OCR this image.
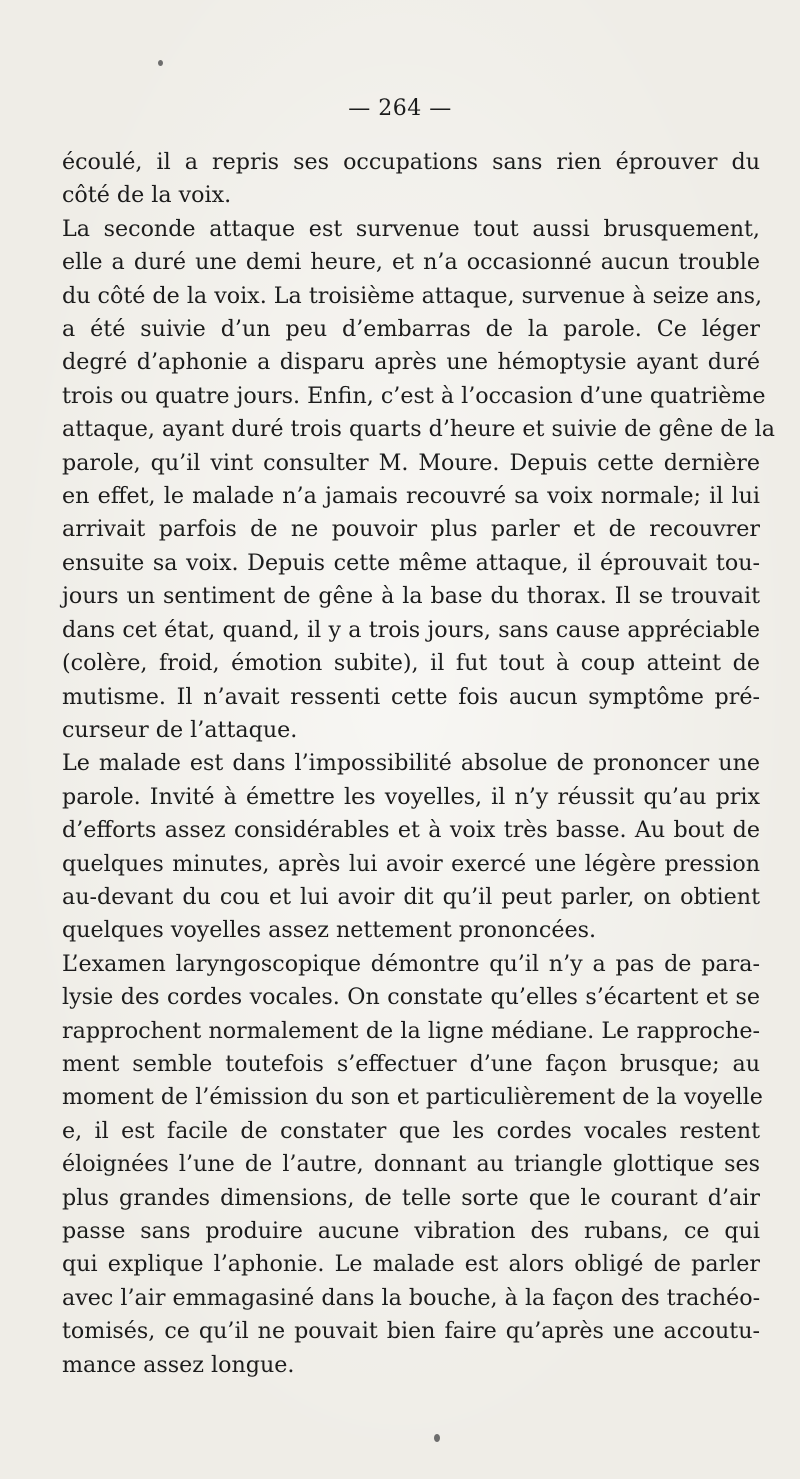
— 264 —

écoulé, il a repris ses occupations sans rien éprouver du
côté de la voix.

La seconde attaque est survenue tout aussi brusquement,
elle a duré une demi heure, et n’a occasionné aucun trouble
du côté de la voix. La troisième attaque, survenue à seize ans,
a été suivie d’un peu d’embarras de la parole. Ce léger
degré d’aphonie a disparu après une hémoptysie ayant duré
trois ou quatre jours. Enfin, c’est à l’occasion d’une quatrième
attaque, ayant duré trois quarts d’heure et suivie de gêne de la
parole, qu’il vint consulter M. Moure. Depuis cette dernière
en effet, le malade n’a jamais recouvré sa voix normale; il lui
arrivait parfois de ne pouvoir plus parler et de recouvrer
ensuite sa voix. Depuis cette même attaque, il éprouvait tou-
jours un sentiment de gêne à la base du thorax. Il se trouvait
dans cet état, quand, il y a trois jours, sans cause appréciable
(colère, froid, émotion subite), il fut tout à coup atteint de
mutisme. Il n’avait ressenti cette fois aucun symptôme pré-
curseur de l’attaque.

Le malade est dans l’impossibilité absolue de prononcer une
parole. Invité à émettre les voyelles, il n’y réussit qu’au prix
d’efforts assez considérables et à voix très basse. Au bout de
quelques minutes, après lui avoir exercé une légère pression
au-devant du cou et lui avoir dit qu’il peut parler, on obtient
quelques voyelles assez nettement prononcées.

L’examen laryngoscopique démontre qu’il n’y a pas de para-
lysie des cordes vocales. On constate qu’elles s’écartent et se
rapprochent normalement de la ligne médiane. Le rapproche-
ment semble toutefois s’effectuer d’une façon brusque; au
moment de l’émission du son et particulièrement de la voyelle
e, il est facile de constater que les cordes vocales restent
éloignées l’une de l’autre, donnant au triangle glottique ses
plus grandes dimensions, de telle sorte que le courant d’air
passe sans produire aucune vibration des rubans, ce qui
qui explique l’aphonie. Le malade est alors obligé de parler
avec l’air emmagasiné dans la bouche, à la façon des trachéo-
tomisés, ce qu’il ne pouvait bien faire qu’après une accoutu-
mance assez longue.
